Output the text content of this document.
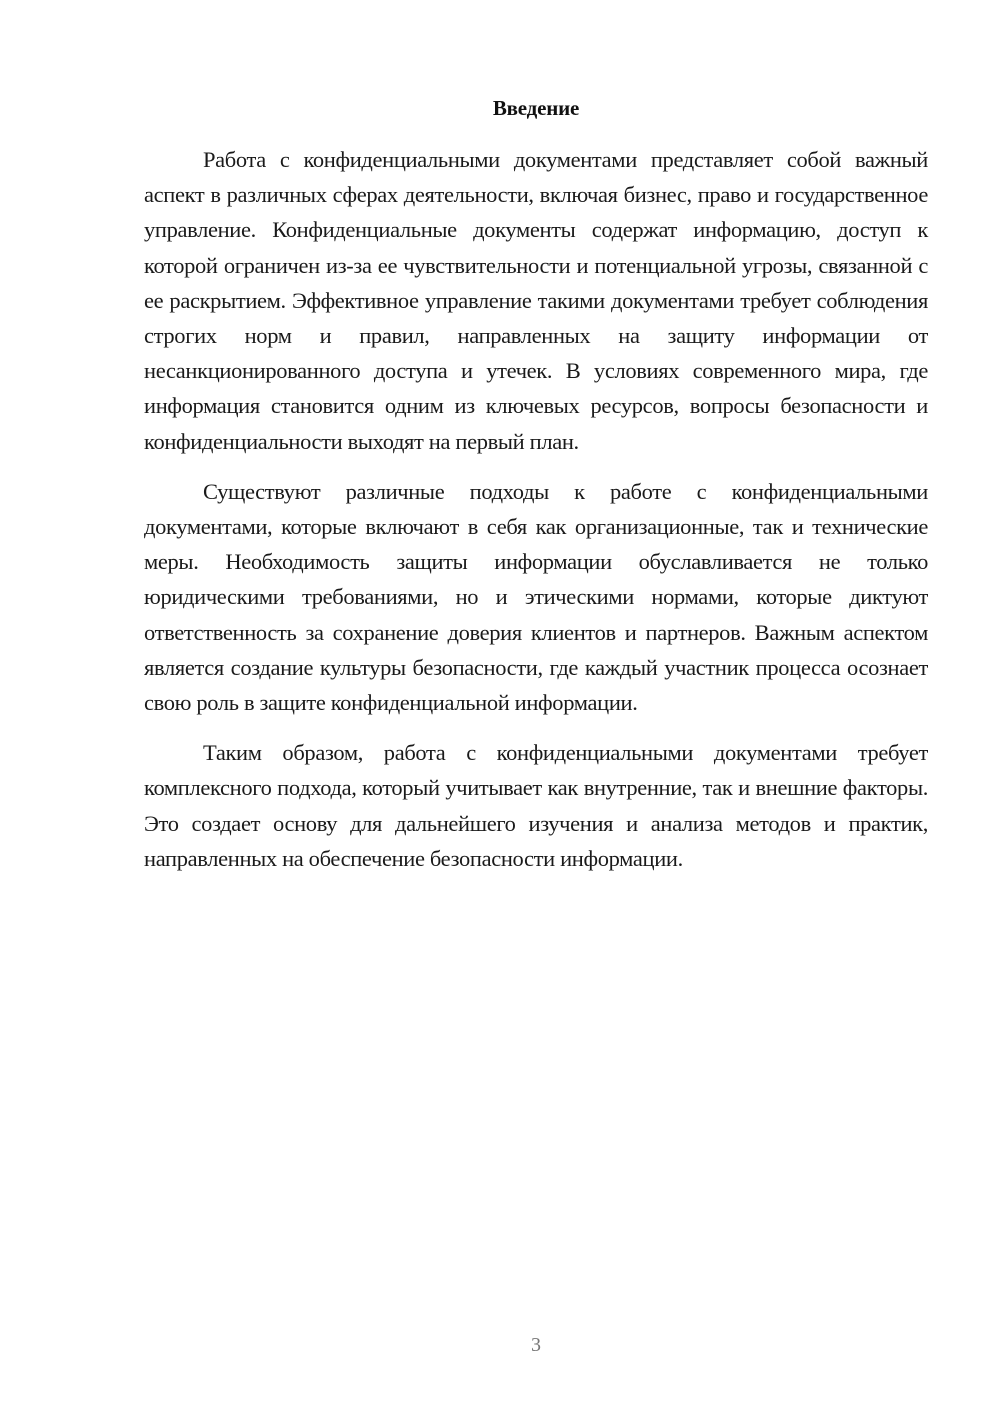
Введение

Работа с конфиденциальными документами представляет собой важный аспект в различных сферах деятельности, включая бизнес, право и государственное управление. Конфиденциальные документы содержат информацию, доступ к которой ограничен из-за ее чувствительности и потенциальной угрозы, связанной с ее раскрытием. Эффективное управление такими документами требует соблюдения строгих норм и правил, направленных на защиту информации от несанкционированного доступа и утечек. В условиях современного мира, где информация становится одним из ключевых ресурсов, вопросы безопасности и конфиденциальности выходят на первый план.

Существуют различные подходы к работе с конфиденциальными документами, которые включают в себя как организационные, так и технические меры. Необходимость защиты информации обуславливается не только юридическими требованиями, но и этическими нормами, которые диктуют ответственность за сохранение доверия клиентов и партнеров. Важным аспектом является создание культуры безопасности, где каждый участник процесса осознает свою роль в защите конфиденциальной информации.

Таким образом, работа с конфиденциальными документами требует комплексного подхода, который учитывает как внутренние, так и внешние факторы. Это создает основу для дальнейшего изучения и анализа методов и практик, направленных на обеспечение безопасности информации.

3
